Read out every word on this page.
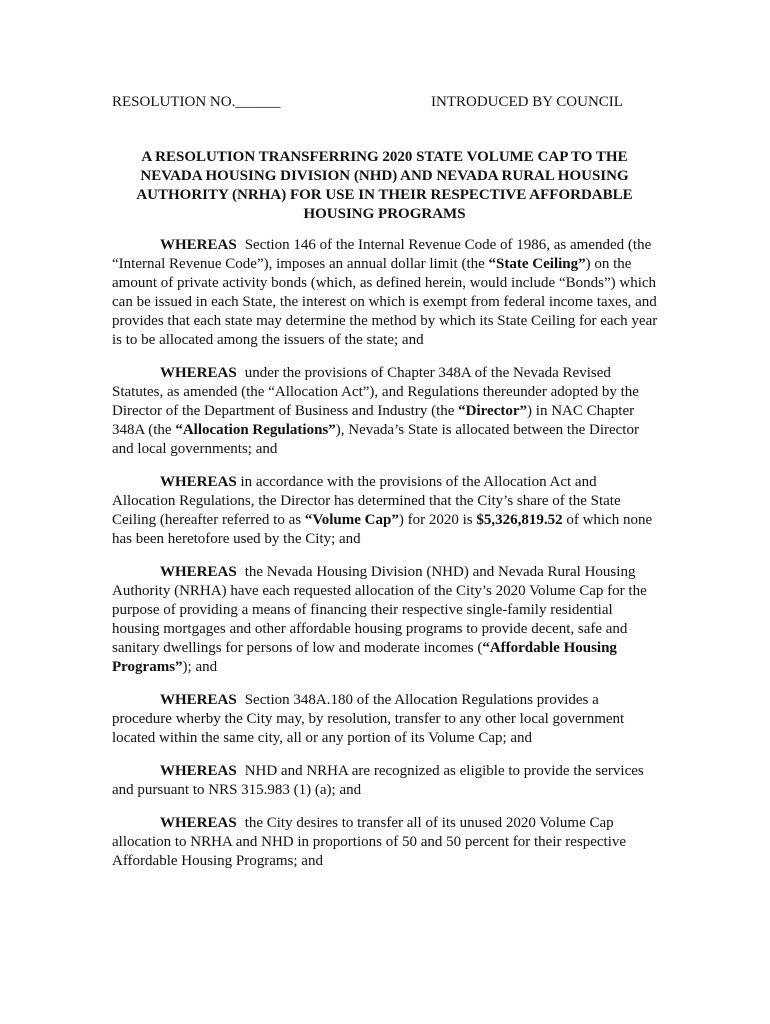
RESOLUTION NO.______	INTRODUCED BY COUNCIL
A RESOLUTION TRANSFERRING 2020 STATE VOLUME CAP TO THE NEVADA HOUSING DIVISION (NHD) AND NEVADA RURAL HOUSING AUTHORITY (NRHA) FOR USE IN THEIR RESPECTIVE AFFORDABLE HOUSING PROGRAMS

WHEREAS Section 146 of the Internal Revenue Code of 1986, as amended (the “Internal Revenue Code”), imposes an annual dollar limit (the “State Ceiling”) on the amount of private activity bonds (which, as defined herein, would include “Bonds”) which can be issued in each State, the interest on which is exempt from federal income taxes, and provides that each state may determine the method by which its State Ceiling for each year is to be allocated among the issuers of the state; and

WHEREAS under the provisions of Chapter 348A of the Nevada Revised Statutes, as amended (the “Allocation Act”), and Regulations thereunder adopted by the Director of the Department of Business and Industry (the “Director”) in NAC Chapter 348A (the “Allocation Regulations”), Nevada’s State is allocated between the Director and local governments; and

WHEREAS in accordance with the provisions of the Allocation Act and Allocation Regulations, the Director has determined that the City’s share of the State Ceiling (hereafter referred to as “Volume Cap”) for 2020 is $5,326,819.52 of which none has been heretofore used by the City; and

WHEREAS the Nevada Housing Division (NHD) and Nevada Rural Housing Authority (NRHA) have each requested allocation of the City’s 2020 Volume Cap for the purpose of providing a means of financing their respective single-family residential housing mortgages and other affordable housing programs to provide decent, safe and sanitary dwellings for persons of low and moderate incomes (“Affordable Housing Programs”); and

WHEREAS Section 348A.180 of the Allocation Regulations provides a procedure wherby the City may, by resolution, transfer to any other local government located within the same city, all or any portion of its Volume Cap; and

WHEREAS NHD and NRHA are recognized as eligible to provide the services and pursuant to NRS 315.983 (1) (a); and

WHEREAS the City desires to transfer all of its unused 2020 Volume Cap allocation to NRHA and NHD in proportions of 50 and 50 percent for their respective Affordable Housing Programs; and
